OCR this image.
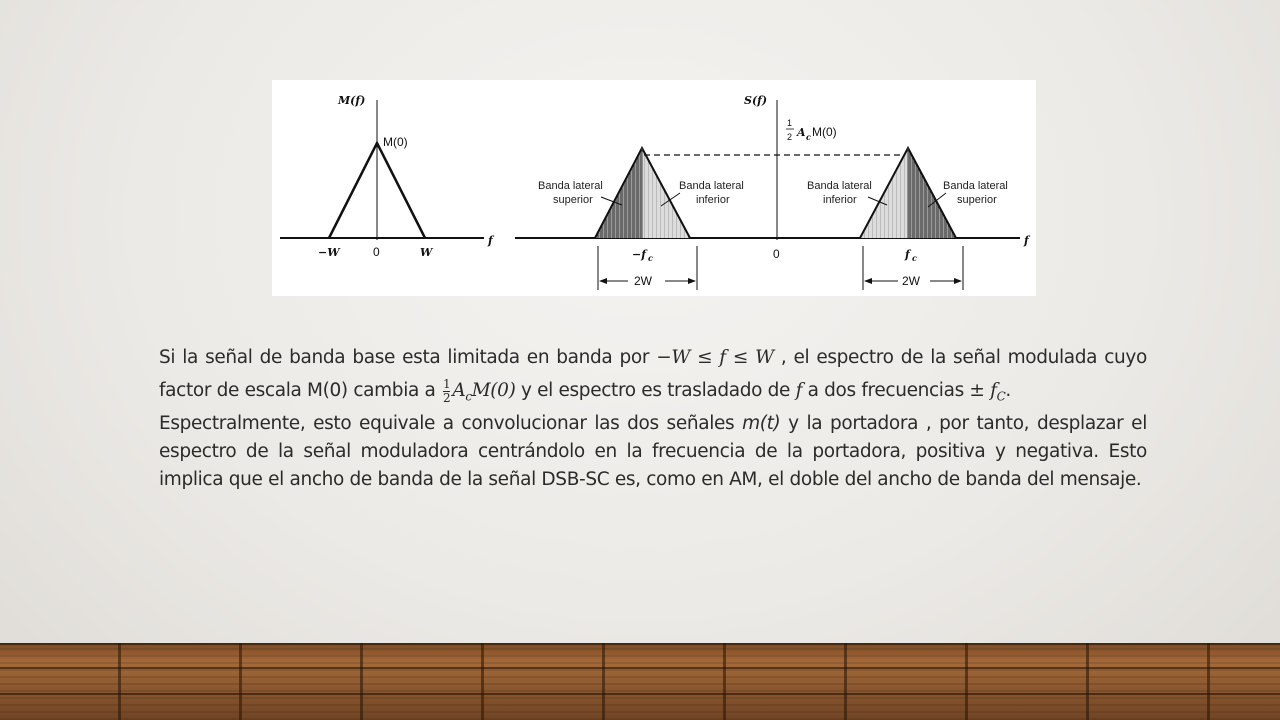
M(f)
M(0)
f
−W	0	W
S(f)
1
2 A c M(0)
f
−f c	0	f c
2W	2W
Banda lateral
superior
Banda lateral
inferior
Banda lateral
inferior
Banda lateral
superior

Si la señal de banda base esta limitada en banda por −W ≤ f ≤ W , el espectro de la señal modulada cuyo factor de escala M(0) cambia a $\frac{1}{2} A_cM(0)$ y el espectro es trasladado de f a dos frecuencias ± $f_C$.

Espectralmente, esto equivale a convolucionar las dos señales m(t) y la portadora , por tanto, desplazar el espectro de la señal moduladora centrándolo en la frecuencia de la portadora, positiva y negativa. Esto implica que el ancho de banda de la señal DSB-SC es, como en AM, el doble del ancho de banda del mensaje.
